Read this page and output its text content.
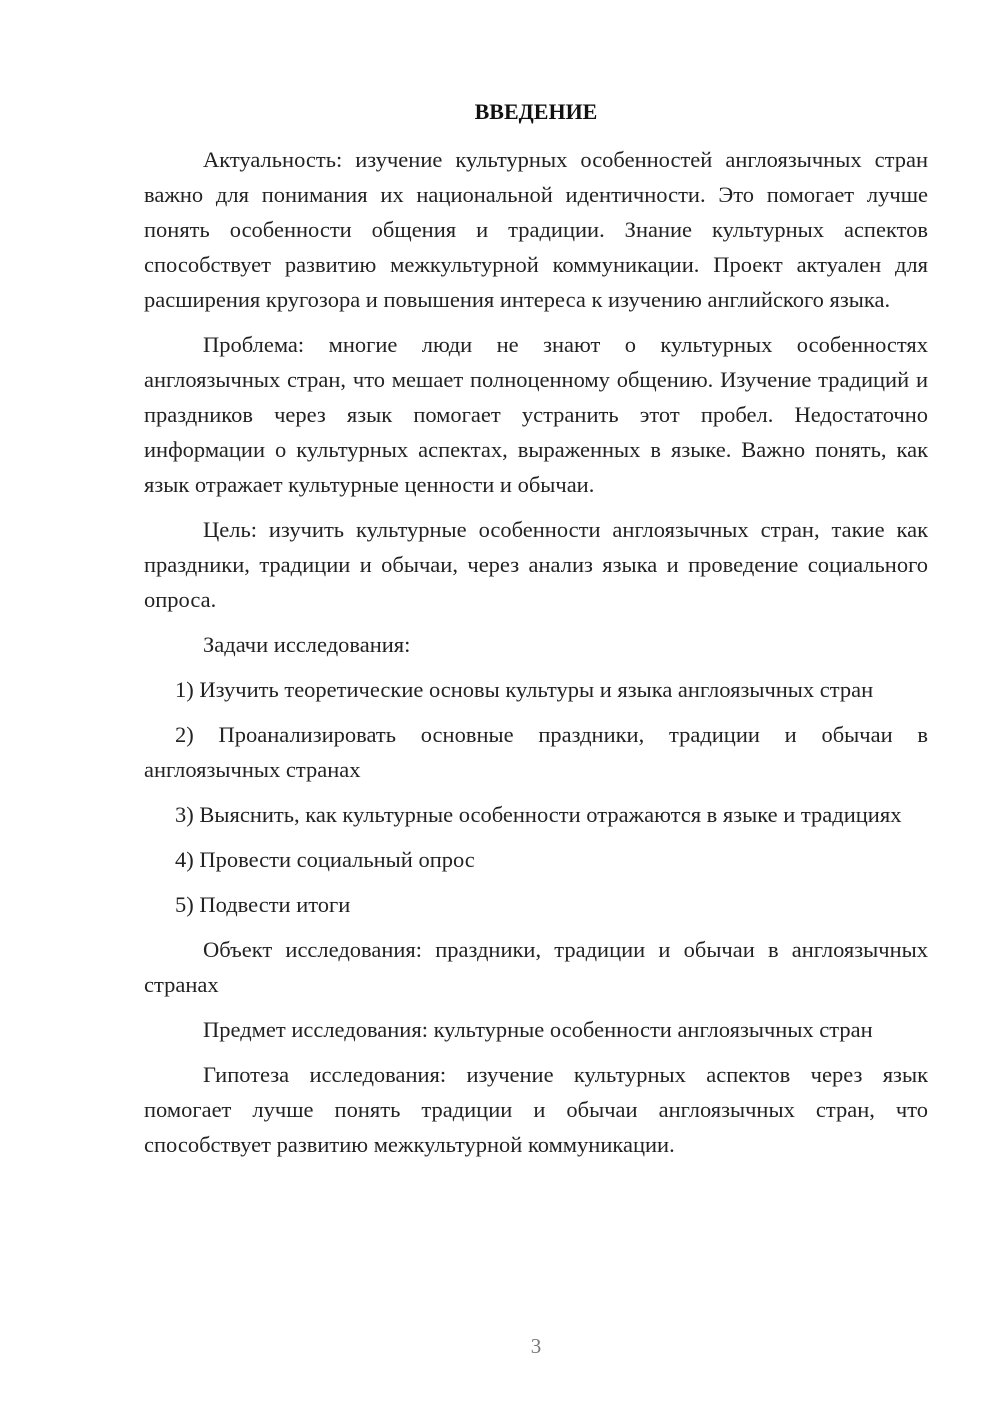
ВВЕДЕНИЕ

Актуальность: изучение культурных особенностей англоязычных стран важно для понимания их национальной идентичности. Это помогает лучше понять особенности общения и традиции. Знание культурных аспектов способствует развитию межкультурной коммуникации. Проект актуален для расширения кругозора и повышения интереса к изучению английского языка.

Проблема: многие люди не знают о культурных особенностях англоязычных стран, что мешает полноценному общению. Изучение традиций и праздников через язык помогает устранить этот пробел. Недостаточно информации о культурных аспектах, выраженных в языке. Важно понять, как язык отражает культурные ценности и обычаи.

Цель: изучить культурные особенности англоязычных стран, такие как праздники, традиции и обычаи, через анализ языка и проведение социального опроса.

Задачи исследования:

1) Изучить теоретические основы культуры и языка англоязычных стран

2) Проанализировать основные праздники, традиции и обычаи в англоязычных странах

3) Выяснить, как культурные особенности отражаются в языке и традициях

4) Провести социальный опрос

5) Подвести итоги

Объект исследования: праздники, традиции и обычаи в англоязычных странах

Предмет исследования: культурные особенности англоязычных стран

Гипотеза исследования: изучение культурных аспектов через язык помогает лучше понять традиции и обычаи англоязычных стран, что способствует развитию межкультурной коммуникации.

3
